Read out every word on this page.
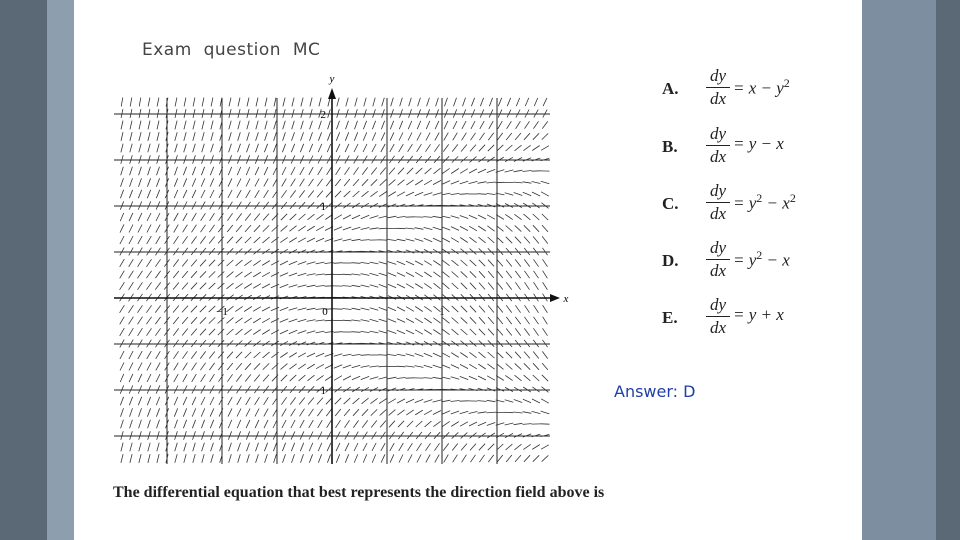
Exam  question  MC
x
y
−1	0	1
2
1
−1
A.
dy
dx
= $x - y^2$
B.
dy
dx
= y − x
C.
dy
dx
= $y^2 - x^2$
D.
dy
dx
= $y^2 - x$
E.
dy
dx
= y + x
Answer: D
The differential equation that best represents the direction field above is
